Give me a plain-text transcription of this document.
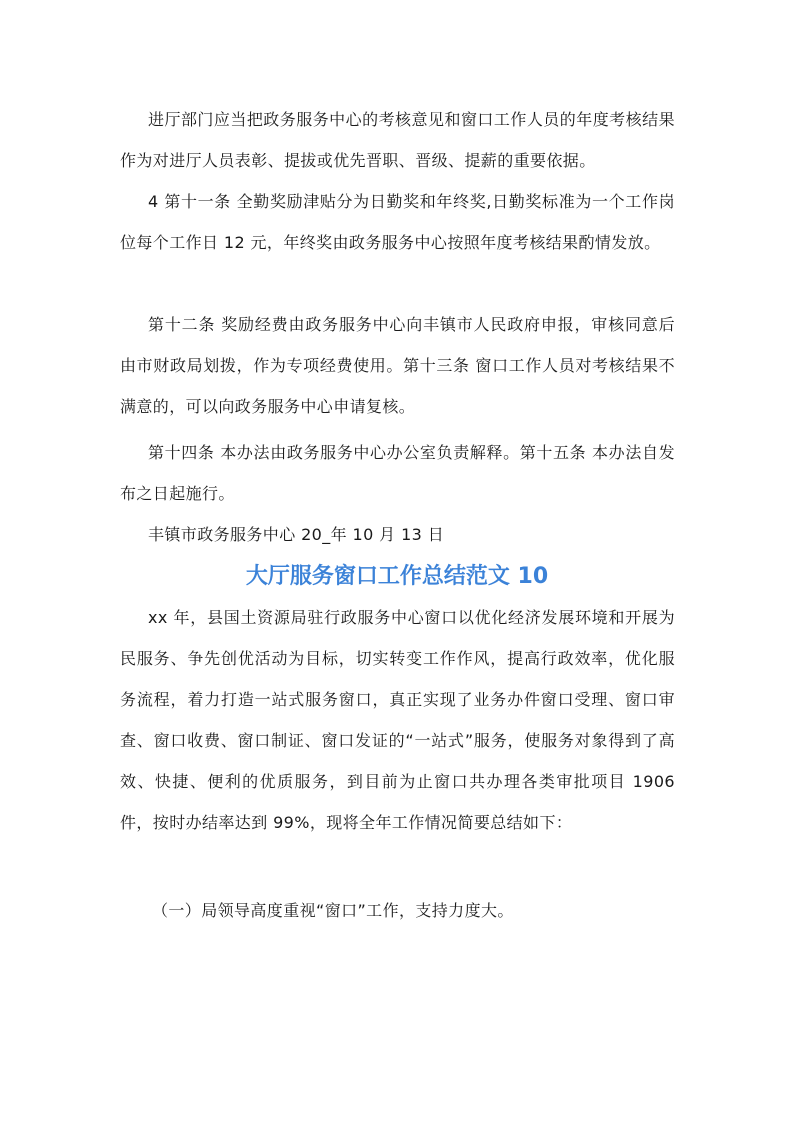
进厅部门应当把政务服务中心的考核意见和窗口工作人员的年度考核结果作为对进厅人员表彰、提拔或优先晋职、晋级、提薪的重要依据。

4 第十一条 全勤奖励津贴分为日勤奖和年终奖,日勤奖标准为一个工作岗位每个工作日 12 元，年终奖由政务服务中心按照年度考核结果酌情发放。

第十二条 奖励经费由政务服务中心向丰镇市人民政府申报，审核同意后由市财政局划拨，作为专项经费使用。第十三条 窗口工作人员对考核结果不满意的，可以向政务服务中心申请复核。

第十四条 本办法由政务服务中心办公室负责解释。第十五条 本办法自发布之日起施行。

丰镇市政务服务中心 20_年 10 月 13 日

大厅服务窗口工作总结范文 10

xx 年，县国土资源局驻行政服务中心窗口以优化经济发展环境和开展为民服务、争先创优活动为目标，切实转变工作作风，提高行政效率，优化服务流程，着力打造一站式服务窗口，真正实现了业务办件窗口受理、窗口审查、窗口收费、窗口制证、窗口发证的“一站式”服务，使服务对象得到了高效、快捷、便利的优质服务，到目前为止窗口共办理各类审批项目 1906 件，按时办结率达到 99%，现将全年工作情况简要总结如下：

（一）局领导高度重视“窗口”工作，支持力度大。
